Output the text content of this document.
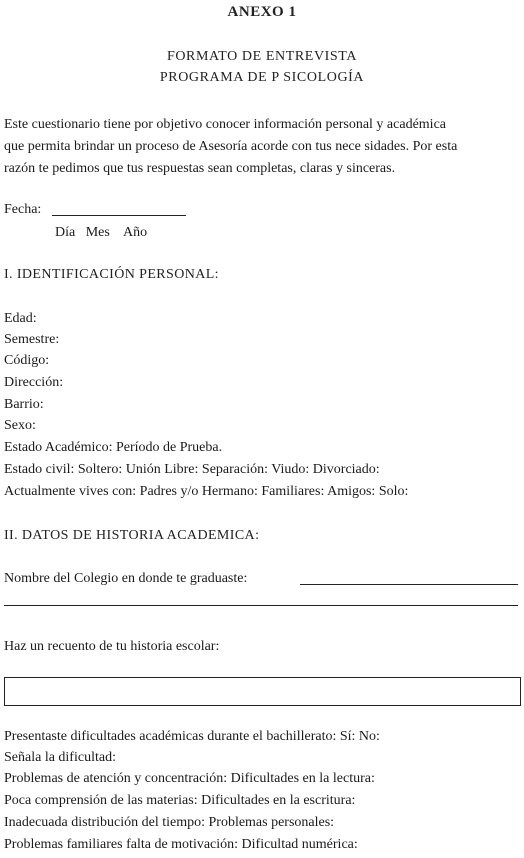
ANEXO 1
FORMATO DE ENTREVISTA
PROGRAMA DE P SICOLOGÍA
Este cuestionario tiene por objetivo conocer información personal y académica
que permita brindar un proceso de Asesoría acorde con tus nece sidades. Por esta
razón te pedimos que tus respuestas sean completas, claras y sinceras.
Fecha:
Día   Mes    Año
I. IDENTIFICACIÓN PERSONAL:
Edad:
Semestre:
Código:
Dirección:
Barrio:
Sexo:
Estado Académico: Período de Prueba.
Estado civil: Soltero: Unión Libre: Separación: Viudo: Divorciado:
Actualmente vives con: Padres y/o Hermano: Familiares: Amigos: Solo:
II. DATOS DE HISTORIA ACADEMICA:
Nombre del Colegio en donde te graduaste:
Haz un recuento de tu historia escolar:
Presentaste dificultades académicas durante el bachillerato: Sí: No:
Señala la dificultad:
Problemas de atención y concentración: Dificultades en la lectura:
Poca comprensión de las materias: Dificultades en la escritura:
Inadecuada distribución del tiempo: Problemas personales:
Problemas familiares falta de motivación: Dificultad numérica:
